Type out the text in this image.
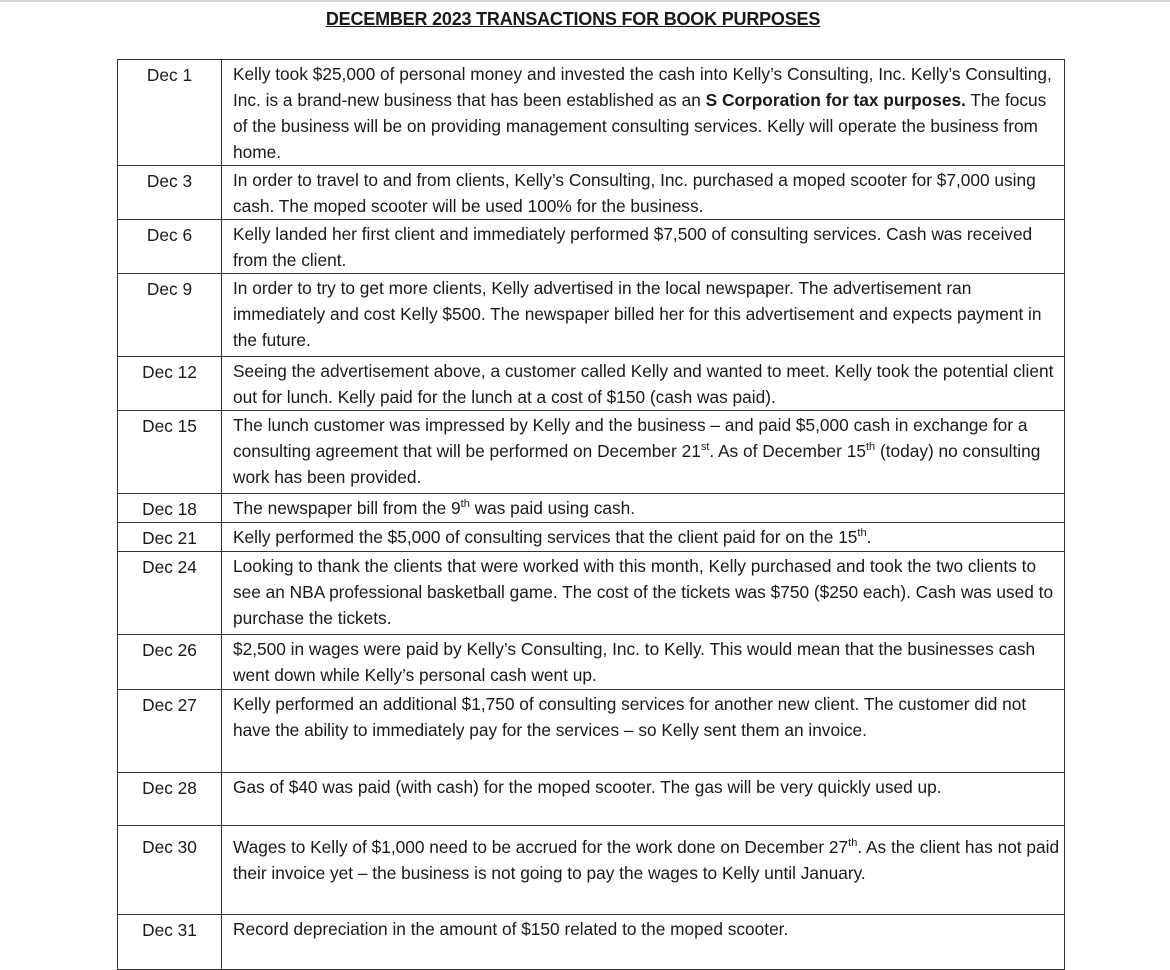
DECEMBER 2023 TRANSACTIONS FOR BOOK PURPOSES
Dec 1	Kelly took $25,000 of personal money and invested the cash into Kelly’s Consulting, Inc. Kelly’s Consulting, Inc. is a brand-new business that has been established as an S Corporation for tax purposes. The focus of the business will be on providing management consulting services. Kelly will operate the business from home.
Dec 3	In order to travel to and from clients, Kelly’s Consulting, Inc. purchased a moped scooter for $7,000 using cash. The moped scooter will be used 100% for the business.
Dec 6	Kelly landed her first client and immediately performed $7,500 of consulting services. Cash was received from the client.
Dec 9	In order to try to get more clients, Kelly advertised in the local newspaper. The advertisement ran immediately and cost Kelly $500. The newspaper billed her for this advertisement and expects payment in the future.
Dec 12	Seeing the advertisement above, a customer called Kelly and wanted to meet. Kelly took the potential client out for lunch. Kelly paid for the lunch at a cost of $150 (cash was paid).
Dec 15	The lunch customer was impressed by Kelly and the business – and paid $5,000 cash in exchange for a consulting agreement that will be performed on December 21st. As of December 15th (today) no consulting work has been provided.
Dec 18	The newspaper bill from the 9th was paid using cash.
Dec 21	Kelly performed the $5,000 of consulting services that the client paid for on the 15th.
Dec 24	Looking to thank the clients that were worked with this month, Kelly purchased and took the two clients to see an NBA professional basketball game. The cost of the tickets was $750 ($250 each). Cash was used to purchase the tickets.
Dec 26	$2,500 in wages were paid by Kelly’s Consulting, Inc. to Kelly. This would mean that the businesses cash went down while Kelly’s personal cash went up.
Dec 27	Kelly performed an additional $1,750 of consulting services for another new client. The customer did not have the ability to immediately pay for the services – so Kelly sent them an invoice.
Dec 28	Gas of $40 was paid (with cash) for the moped scooter. The gas will be very quickly used up.
Dec 30	Wages to Kelly of $1,000 need to be accrued for the work done on December 27th. As the client has not paid their invoice yet – the business is not going to pay the wages to Kelly until January.
Dec 31	Record depreciation in the amount of $150 related to the moped scooter.
